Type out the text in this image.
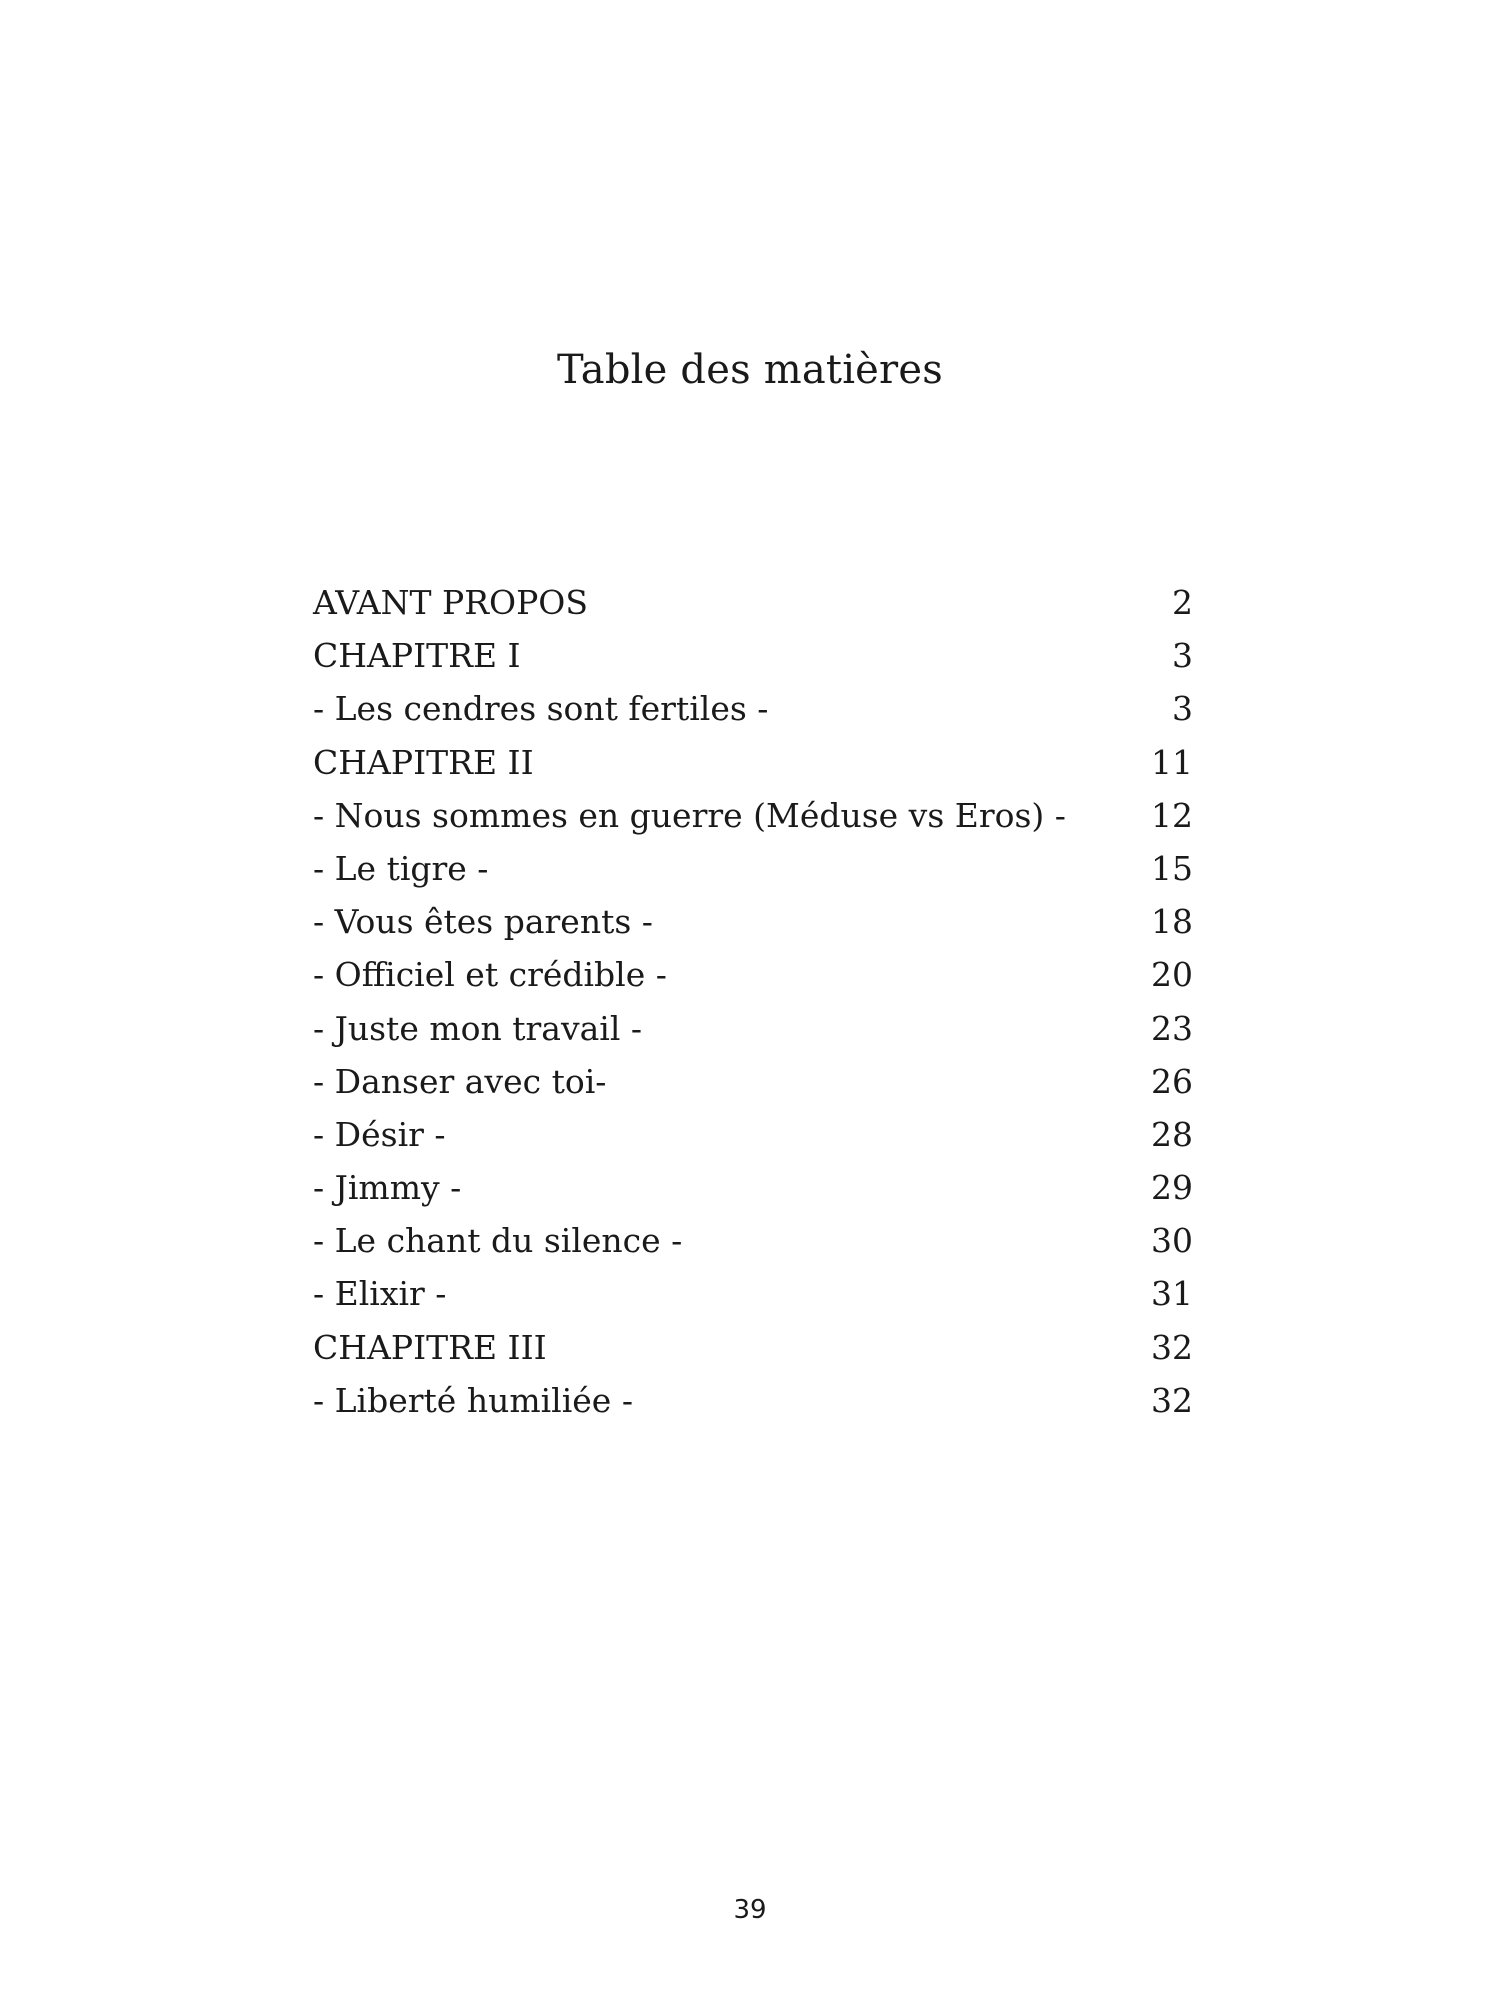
Table des matières
AVANT PROPOS	2
CHAPITRE I	3
- Les cendres sont fertiles -	3
CHAPITRE II	11
- Nous sommes en guerre (Méduse vs Eros) -	12
- Le tigre -	15
- Vous êtes parents -	18
- Officiel et crédible -	20
- Juste mon travail -	23
- Danser avec toi-	26
- Désir -	28
- Jimmy -	29
- Le chant du silence -	30
- Elixir -	31
CHAPITRE III	32
- Liberté humiliée -	32
39
